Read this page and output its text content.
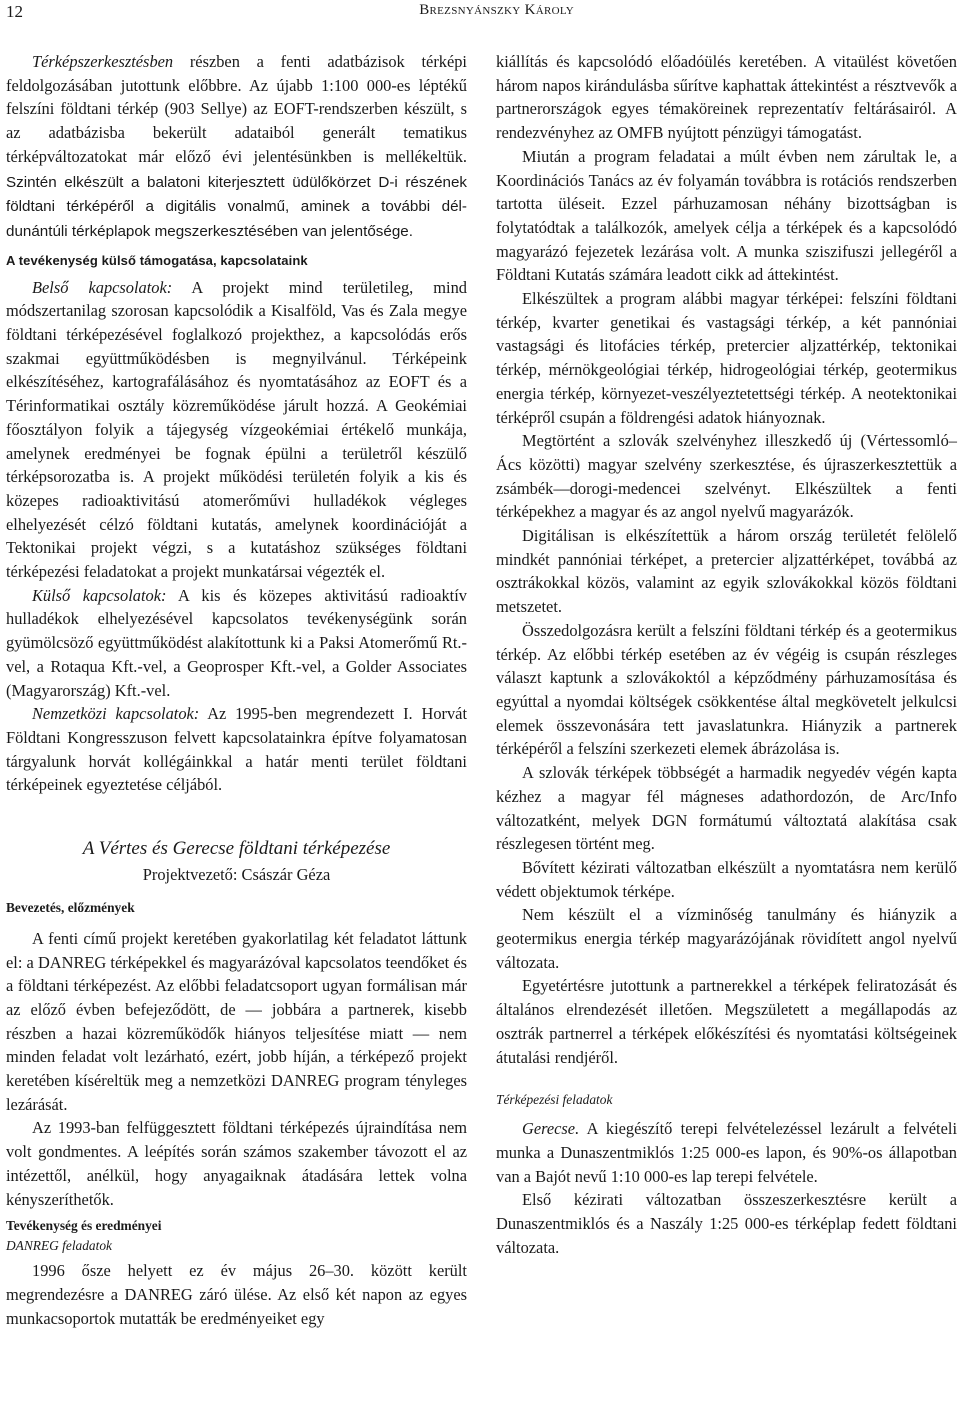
12	Brezsnyánszky Károly

Térképszerkesztésben részben a fenti adatbázisok térképi feldolgozásában jutottunk előbbre. Az újabb 1:100 000-es léptékű felszíni földtani térkép (903 Sellye) az EOFT-rendszerben készült, s az adatbázisba bekerült adataiból generált tematikus térképváltozatokat már előző évi jelentésünkben is mellékeltük. Szintén elkészült a balatoni kiterjesztett üdülőkörzet D-i részének földtani térképéről a digitális vonalmű, aminek a további dél-dunántúli térképlapok megszerkesztésében van jelentősége.

A tevékenység külső támogatása, kapcsolataink

Belső kapcsolatok: A projekt mind területileg, mind módszertanilag szorosan kapcsolódik a Kisalföld, Vas és Zala megye földtani térképezésével foglalkozó projekthez, a kapcsolódás erős szakmai együttműködésben is megnyilvánul. Térképeink elkészítéséhez, kartografálásához és nyomtatásához az EOFT és a Térinformatikai osztály közreműködése járult hozzá. A Geokémiai főosztályon folyik a tájegység vízgeokémiai értékelő munkája, amelynek eredményei be fognak épülni a területről készülő térképsorozatba is. A projekt működési területén folyik a kis és közepes radioaktivitású atomerőművi hulladékok végleges elhelyezését célzó földtani kutatás, amelynek koordinációját a Tektonikai projekt végzi, s a kutatáshoz szükséges földtani térképezési feladatokat a projekt munkatársai végezték el.

Külső kapcsolatok: A kis és közepes aktivitású radioaktív hulladékok elhelyezésével kapcsolatos tevékenységünk során gyümölcsöző együttműködést alakítottunk ki a Paksi Atomerőmű Rt.-vel, a Rotaqua Kft.-vel, a Geoprosper Kft.-vel, a Golder Associates (Magyarország) Kft.-vel.

Nemzetközi kapcsolatok: Az 1995-ben megrendezett I. Horvát Földtani Kongresszuson felvett kapcsolatainkra építve folyamatosan tárgyalunk horvát kollégáinkkal a határ menti terület földtani térképeinek egyeztetése céljából.

A Vértes és Gerecse földtani térképezése
Projektvezető: Császár Géza
Bevezetés, előzmények

A fenti című projekt keretében gyakorlatilag két feladatot láttunk el: a DANREG térképekkel és magyarázóval kapcsolatos teendőket és a földtani térképezést. Az előbbi feladatcsoport ugyan formálisan már az előző évben befejeződött, de — jobbára a partnerek, kisebb részben a hazai közreműködők hiányos teljesítése miatt — nem minden feladat volt lezárható, ezért, jobb híján, a térképező projekt keretében kíséreltük meg a nemzetközi DANREG program tényleges lezárását.

Az 1993-ban felfüggesztett földtani térképezés újraindítása nem volt gondmentes. A leépítés során számos szakember távozott el az intézettől, anélkül, hogy anyagaiknak átadására lettek volna kényszeríthetők.

Tevékenység és eredményei
DANREG feladatok

1996 ősze helyett ez év május 26–30. között került megrendezésre a DANREG záró ülése. Az első két napon az egyes munkacsoportok mutatták be eredményeiket egy

kiállítás és kapcsolódó előadóülés keretében. A vitaülést követően három napos kirándulásba sűrítve kaphattak áttekintést a résztvevők a partnerországok egyes témaköreinek reprezentatív feltárásairól. A rendezvényhez az OMFB nyújtott pénzügyi támogatást.

Miután a program feladatai a múlt évben nem zárultak le, a Koordinációs Tanács az év folyamán továbbra is rotációs rendszerben tartotta üléseit. Ezzel párhuzamosan néhány bizottságban is folytatódtak a találkozók, amelyek célja a térképek és a kapcsolódó magyarázó fejezetek lezárása volt. A munka sziszifuszi jellegéről a Földtani Kutatás számára leadott cikk ad áttekintést.

Elkészültek a program alábbi magyar térképei: felszíni földtani térkép, kvarter genetikai és vastagsági térkép, a két pannóniai vastagsági és litofácies térkép, pretercier aljzattérkép, tektonikai térkép, mérnökgeológiai térkép, hidrogeológiai térkép, geotermikus energia térkép, környezet-veszélyeztetettségi térkép. A neotektonikai térképről csupán a földrengési adatok hiányoznak.

Megtörtént a szlovák szelvényhez illeszkedő új (Vértessomló–Ács közötti) magyar szelvény szerkesztése, és újraszerkesztettük a zsámbék—dorogi-medencei szelvényt. Elkészültek a fenti térképekhez a magyar és az angol nyelvű magyarázók.

Digitálisan is elkészítettük a három ország területét felölelő mindkét pannóniai térképet, a pretercier aljzattérképet, továbbá az osztrákokkal közös, valamint az egyik szlovákokkal közös földtani metszetet.

Összedolgozásra került a felszíni földtani térkép és a geotermikus térkép. Az előbbi térkép esetében az év végéig is csupán részleges választ kaptunk a szlovákoktól a képződmény párhuzamosítása és egyúttal a nyomdai költségek csökkentése által megkövetelt jelkulcsi elemek összevonására tett javaslatunkra. Hiányzik a partnerek térképéről a felszíni szerkezeti elemek ábrázolása is.

A szlovák térképek többségét a harmadik negyedév végén kapta kézhez a magyar fél mágneses adathordozón, de Arc/Info változatként, melyek DGN formátumú változtatá alakítása csak részlegesen történt meg.

Bővített kézirati változatban elkészült a nyomtatásra nem kerülő védett objektumok térképe.

Nem készült el a vízminőség tanulmány és hiányzik a geotermikus energia térkép magyarázójának rövidített angol nyelvű változata.

Egyetértésre jutottunk a partnerekkel a térképek feliratozását és általános elrendezését illetően. Megszületett a megállapodás az osztrák partnerrel a térképek előkészítési és nyomtatási költségeinek átutalási rendjéről.

Térképezési feladatok

Gerecse. A kiegészítő terepi felvételezéssel lezárult a felvételi munka a Dunaszentmiklós 1:25 000-es lapon, és 90%-os állapotban van a Bajót nevű 1:10 000-es lap terepi felvétele.

Első kézirati változatban összeszerkesztésre került a Dunaszentmiklós és a Naszály 1:25 000-es térképlap fedett földtani változata.
